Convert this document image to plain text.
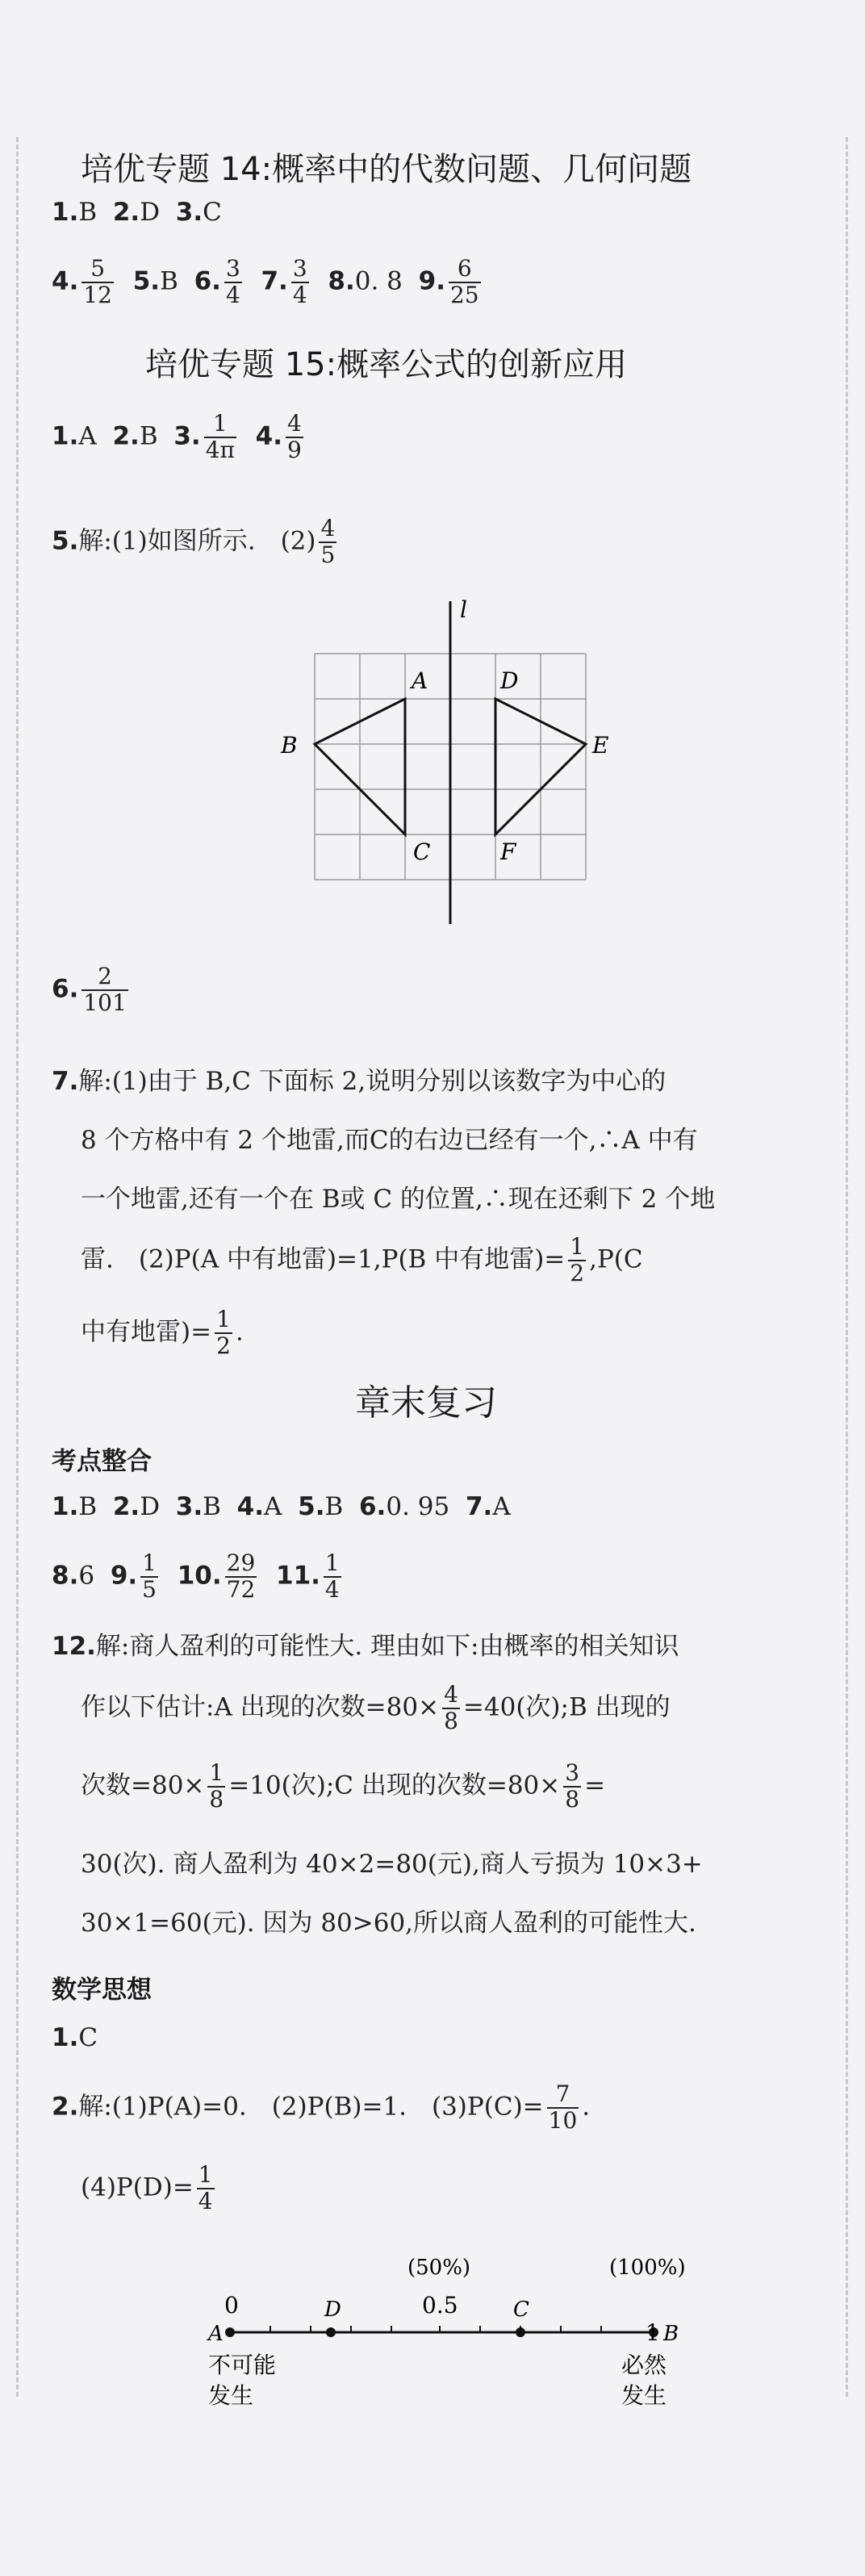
培优专题 14:概率中的代数问题、几何问题
1.B 2.D 3.C
4. $\frac{5}{12} 5.B$ 6. $\frac{3}{4} 7$. $\frac{3}{4} 8.0$. 8 9. $\frac{6}{25}$
培优专题 15:概率公式的创新应用
1.A 2.B 3. $\frac{1}{4\pi} 4$. $\frac{4}{9}$
5.解:(1)如图所示.　$(2) \frac{4}{5}$
l
A
B
C
D
E
F
6. $\frac{2}{101}$
7.解:(1)由于 B,C 下面标 2,说明分别以该数字为中心的
8 个方格中有 2 个地雷,而C的右边已经有一个,∴A 中有
一个地雷,还有一个在 B或 C 的位置,∴现在还剩下 2 个地
雷.　(2)P(A 中有地雷)=1,P(B 中有地雷)= $\frac{1}{2} ,P(C$
中有地雷)= $\frac{1}{2}$ .
章末复习
考点整合
1.B 2.D 3.B 4.A 5.B 6.0. 95 7.A
8.6 9. $\frac{1}{5} 10$. $\frac{29}{72} 11$. $\frac{1}{4}$
12.解:商人盈利的可能性大. 理由如下:由概率的相关知识
作以下估计:A 出现的次数$=80\times \frac{4}{8} =40$(次);B 出现的
次数$=80\times \frac{1}{8} =10$(次);C 出现的次数$=80\times \frac{3}{8}$ =
30(次). 商人盈利为 40×2=80(元),商人亏损为 10×3+
30×1=60(元). 因为 80>60,所以商人盈利的可能性大.
数学思想
1.C
2.解:(1)P(A)=0.　(2)P(B)=1.　$(3)P(C)= \frac{7}{10}$ .
$(4)P(D)= \frac{1}{4}$
(50%)	(100%)
0	0.5
1
A
D	C
B
不可能
发生
必然
发生
